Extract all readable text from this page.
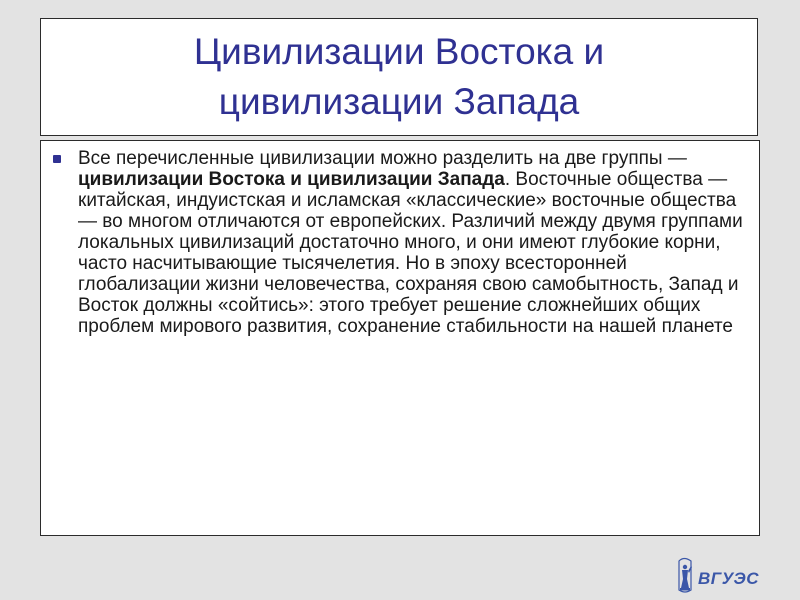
Цивилизации Востока и
цивилизации Запада
Все перечисленные цивилизации можно разделить на две группы — цивилизации Востока и цивилизации Запада. Восточные общества — китайская, индуистская и исламская «классические» восточные общества — во многом отличаются от европейских. Различий между двумя группами локальных цивилизаций достаточно много, и они имеют глубокие корни, часто насчитывающие тысячелетия. Но в эпоху всесторонней глобализации жизни человечества, сохраняя свою самобытность, Запад и Восток должны «сойтись»: этого требует решение сложнейших общих проблем мирового развития, сохранение стабильности на нашей планете
ВГУЭС
